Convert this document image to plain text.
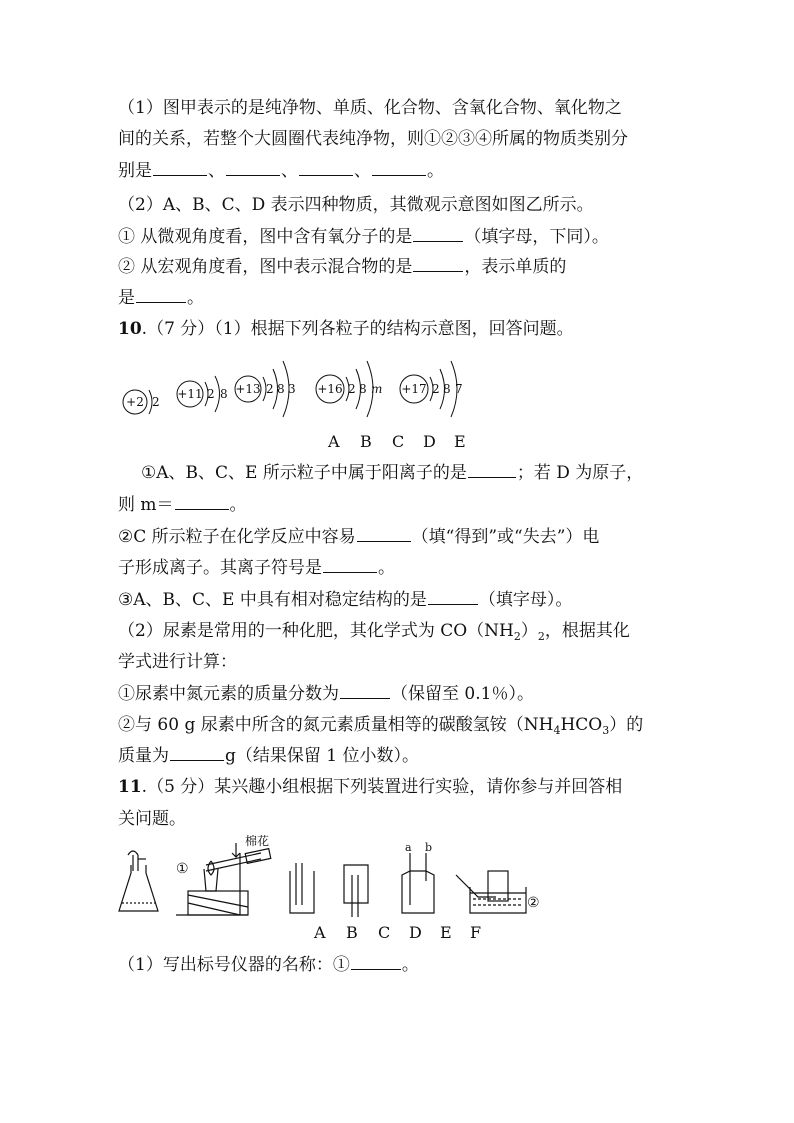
（1）图甲表示的是纯净物、单质、化合物、含氧化合物、氧化物之
间的关系，若整个大圆圈代表纯净物，则①②③④所属的物质类别分
别是	、	、	、	。
（2）A、B、C、D 表示四种物质，其微观示意图如图乙所示。
① 从微观角度看，图中含有氧分子的是	（填字母，下同）。
② 从宏观角度看，图中表示混合物的是	，表示单质的
是	。
10.（7 分）（1）根据下列各粒子的结构示意图，回答问题。
+2 2
+11 2 8 +13 2 8 3 +16 2 8 m +17 2 8 7
A B C D E
①A、B、C、E 所示粒子中属于阳离子的是	；若 D 为原子，
则 m＝	。
②C 所示粒子在化学反应中容易	（填“得到”或“失去”）电
子形成离子。其离子符号是	。
③A、B、C、E 中具有相对稳定结构的是	（填字母）。
（2）尿素是常用的一种化肥，其化学式为 $CO(NH_2)_2$，根据其化
学式进行计算：
①尿素中氮元素的质量分数为	（保留至 0.1％）。
②与 60 g 尿素中所含的氮元素质量相等的碳酸氢铵$(NH_4HCO_3)$的
质量为	g（结果保留 1 位小数）。
11.（5 分）某兴趣小组根据下列装置进行实验，请你参与并回答相
关问题。
棉花
①
a b
②
A B C D E F
（1）写出标号仪器的名称：①	。
